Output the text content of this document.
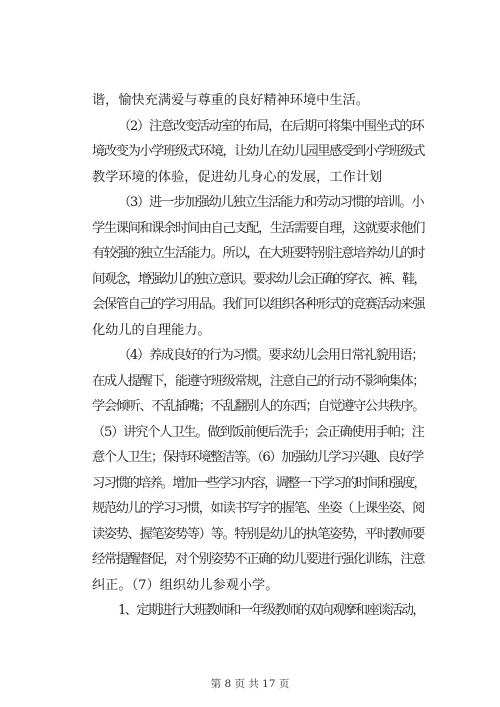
谐，愉快充满爱与尊重的良好精神环境中生活。
（2）注意改变活动室的布局，在后期可将集中围坐式的环
境改变为小学班级式环境，让幼儿在幼儿园里感受到小学班级式
教学环境的体验，促进幼儿身心的发展，工作计划
（3）进一步加强幼儿独立生活能力和劳动习惯的培训。小
学生课间和课余时间由自己支配，生活需要自理，这就要求他们
有较强的独立生活能力。所以，在大班要特别注意培养幼儿的时
间观念，增强幼儿的独立意识。要求幼儿会正确的穿衣、裤、鞋，
会保管自己的学习用品。我们可以组织各种形式的竞赛活动来强
化幼儿的自理能力。
（4）养成良好的行为习惯。要求幼儿会用日常礼貌用语；
在成人提醒下，能遵守班级常规，注意自己的行动不影响集体；
学会倾听、不乱插嘴；不乱翻别人的东西；自觉遵守公共秩序。
（5）讲究个人卫生。做到饭前便后洗手；会正确使用手帕；注
意个人卫生；保持环境整洁等。（6）加强幼儿学习兴趣、良好学
习习惯的培养。增加一些学习内容，调整一下学习的时间和强度，
规范幼儿的学习习惯，如读书写字的握笔、坐姿（上课坐姿、阅
读姿势、握笔姿势等）等。特别是幼儿的执笔姿势，平时教师要
经常提醒督促，对个别姿势不正确的幼儿要进行强化训练，注意
纠正。（7）组织幼儿参观小学。
1、定期进行大班教师和一年级教师的双向观摩和座谈活动，
第 8 页 共 17 页
